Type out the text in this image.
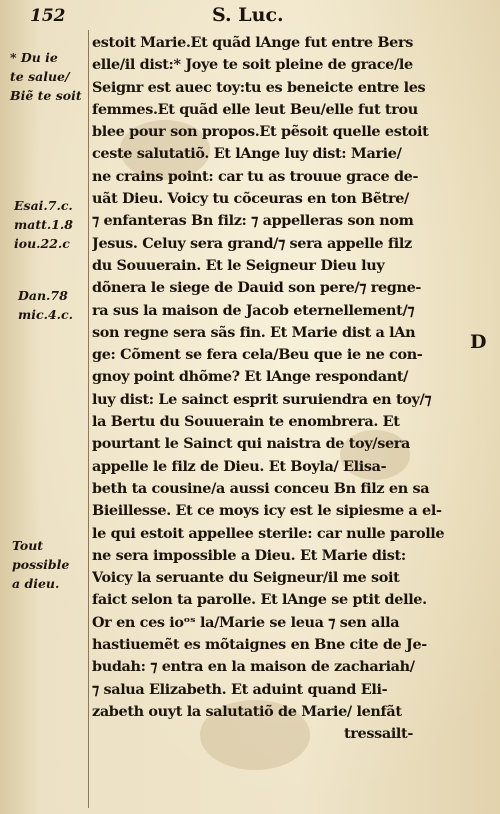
152	S. Luc.
* Du ie
te salue/
Biẽ te soit
Esai.7.c.
matt.1.8
iou.22.c
Dan.78
mic.4.c.
Tout
possible
a dieu.
D
estoit Marie.Et quãd lAnge fut entre Bers
elle/il dist:* Joye te soit pleine de grace/le
Seignr est auec toy:tu es beneicte entre les
femmes.Et quãd elle leut Beu/elle fut trou
blee pour son propos.Et pẽsoit quelle estoit
ceste salutatiõ. Et lAnge luy dist: Marie/
ne crains point: car tu as trouue grace de-
uãt Dieu. Voicy tu cõceuras en ton Bẽtre/
⁊ enfanteras Bn filz: ⁊ appelleras son nom
Jesus. Celuy sera grand/⁊ sera appelle filz
du Souuerain. Et le Seigneur Dieu luy
dõnera le siege de Dauid son pere/⁊ regne-
ra sus la maison de Jacob eternellement/⁊
son regne sera sãs fin. Et Marie dist a lAn
ge: Cõment se fera cela/Beu que ie ne con-
gnoy point dhõme? Et lAnge respondant/
luy dist: Le sainct esprit suruiendra en toy/⁊
la Bertu du Souuerain te enombrera. Et
pourtant le Sainct qui naistra de toy/sera
appelle le filz de Dieu. Et Boyla/ Elisa-
beth ta cousine/a aussi conceu Bn filz en sa
Bieillesse. Et ce moys icy est le sipiesme a el-
le qui estoit appellee sterile: car nulle parolle
ne sera impossible a Dieu. Et Marie dist:
Voicy la seruante du Seigneur/il me soit
faict selon ta parolle. Et lAnge se ptit delle.
Or en ces ioᵒˢ la/Marie se leua ⁊ sen alla
hastiuemẽt es mõtaignes en Bne cite de Je-
budah: ⁊ entra en la maison de zachariah/
⁊ salua Elizabeth. Et aduint quand Eli-
zabeth ouyt la salutatiõ de Marie/ lenfãt
tressailt-
